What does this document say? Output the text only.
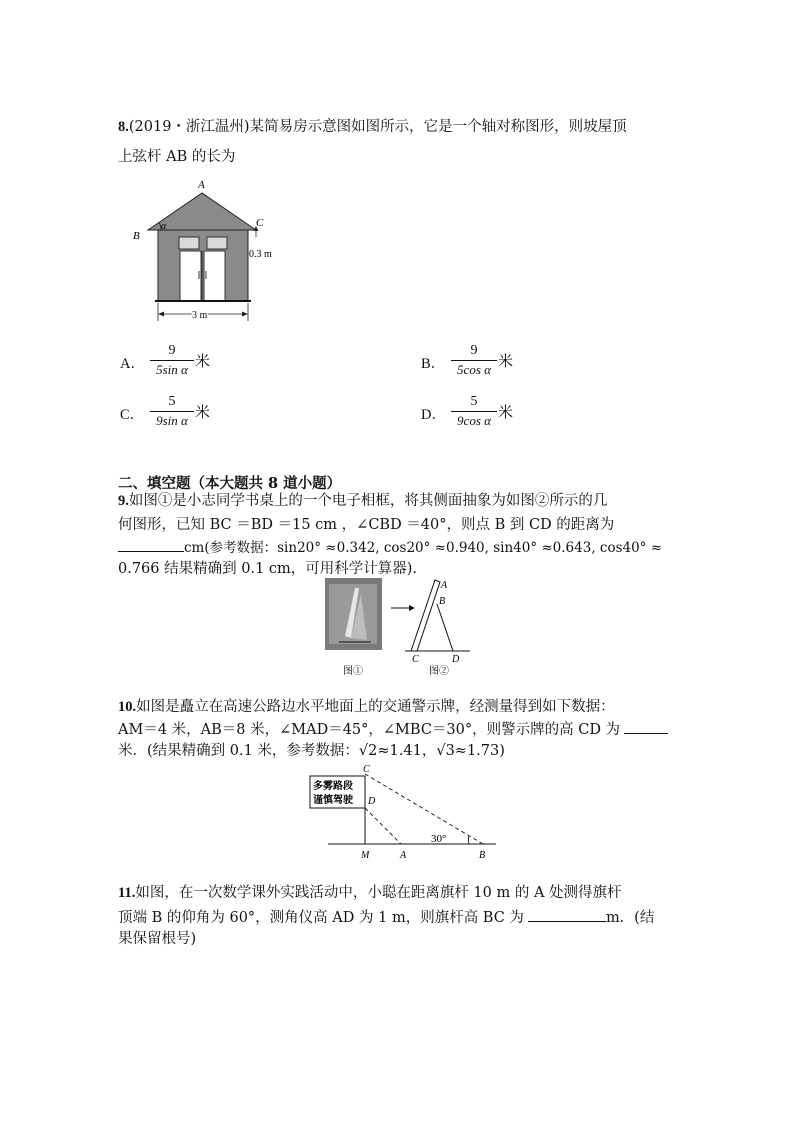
8.(2019・浙江温州)某简易房示意图如图所示，它是一个轴对称图形，则坡屋顶
上弦杆 AB 的长为
A
B
C
α
0.3 m
3 m
A．
9
5sin α 米	B．
9
5cos α 米
C．
5
9sin α 米	D．
5
9cos α 米
二、填空题（本大题共 8 道小题）
9.如图①是小志同学书桌上的一个电子相框，将其侧面抽象为如图②所示的几
何图形，已知 BC ＝BD ＝15 cm ，∠CBD ＝40°，则点 B 到 CD 的距离为
cm(参考数据：sin20° ≈0.342, cos20° ≈0.940, sin40° ≈0.643, cos40° ≈
0.766 结果精确到 0.1 cm，可用科学计算器).
A
B
C	D
图①	图②
10.如图是矗立在高速公路边水平地面上的交通警示牌，经测量得到如下数据：
AM＝4 米，AB＝8 米，∠MAD＝45°，∠MBC＝30°，则警示牌的高 CD 为
米．(结果精确到 0.1 米，参考数据：√2≈1.41，√3≈1.73)
多雾路段
谨慎驾驶
30°
C
D
M	A	B
11.如图，在一次数学课外实践活动中，小聪在距离旗杆 10 m 的 A 处测得旗杆
顶端 B 的仰角为 60°，测角仪高 AD 为 1 m，则旗杆高 BC 为	m．(结
果保留根号)
